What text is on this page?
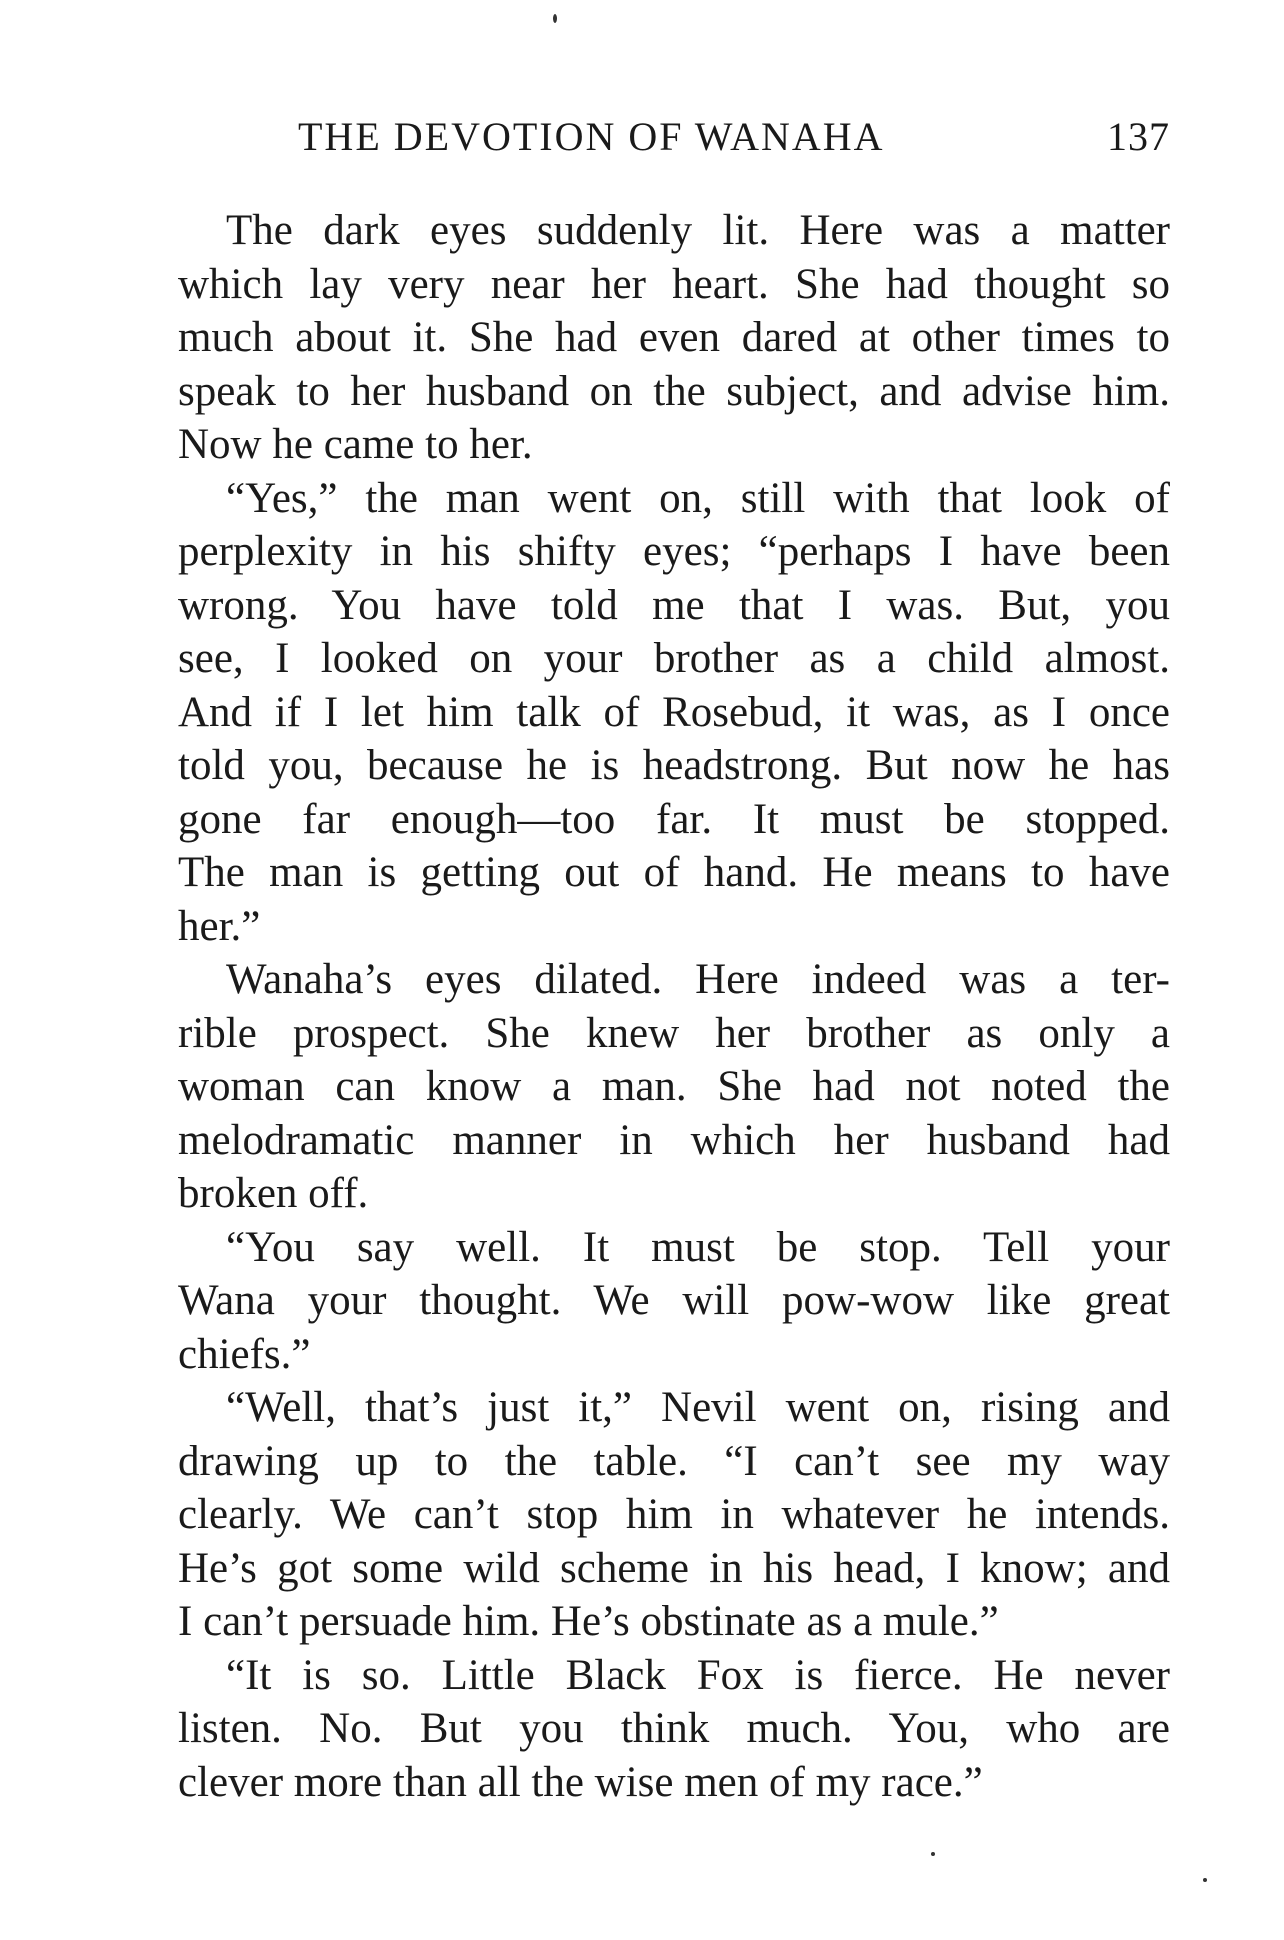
THE DEVOTION OF WANAHA	137
The dark eyes suddenly lit. Here was a matter
which lay very near her heart. She had thought so
much about it. She had even dared at other times to
speak to her husband on the subject, and advise him.
Now he came to her.
“Yes,” the man went on, still with that look of
perplexity in his shifty eyes; “perhaps I have been
wrong. You have told me that I was. But, you
see, I looked on your brother as a child almost.
And if I let him talk of Rosebud, it was, as I once
told you, because he is headstrong. But now he has
gone far enough—too far. It must be stopped.
The man is getting out of hand. He means to have
her.”
Wanaha’s eyes dilated. Here indeed was a ter-
rible prospect. She knew her brother as only a
woman can know a man. She had not noted the
melodramatic manner in which her husband had
broken off.
“You say well. It must be stop. Tell your
Wana your thought. We will pow-wow like great
chiefs.”
“Well, that’s just it,” Nevil went on, rising and
drawing up to the table. “I can’t see my way
clearly. We can’t stop him in whatever he intends.
He’s got some wild scheme in his head, I know; and
I can’t persuade him. He’s obstinate as a mule.”
“It is so. Little Black Fox is fierce. He never
listen. No. But you think much. You, who are
clever more than all the wise men of my race.”
